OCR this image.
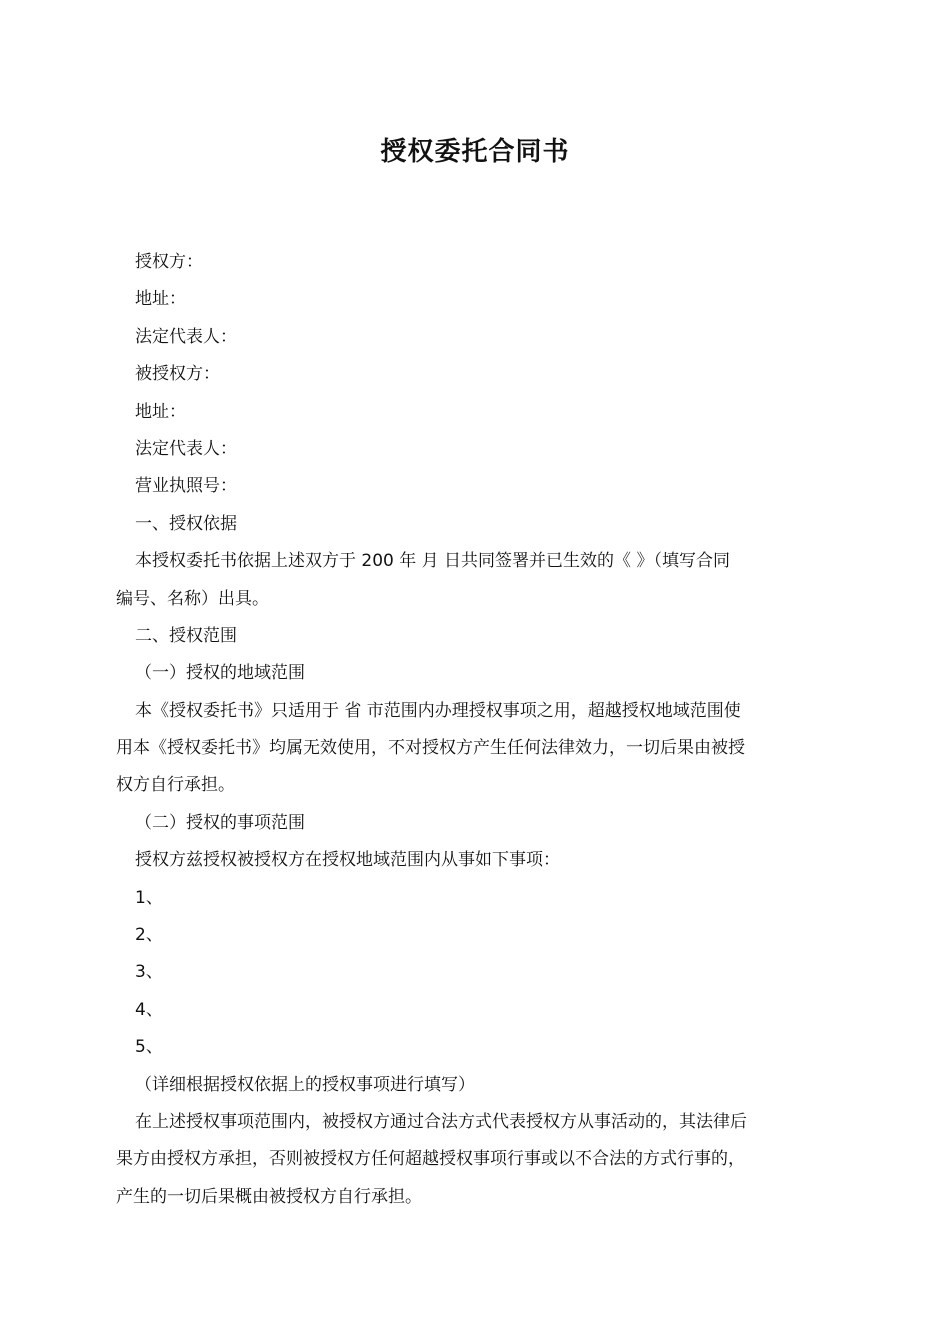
授权委托合同书
授权方：
地址：
法定代表人：
被授权方：
地址：
法定代表人：
营业执照号：
一、授权依据
本授权委托书依据上述双方于 200 年 月 日共同签署并已生效的《 》（填写合同
编号、名称）出具。
二、授权范围
（一）授权的地域范围
本《授权委托书》只适用于 省 市范围内办理授权事项之用，超越授权地域范围使
用本《授权委托书》均属无效使用，不对授权方产生任何法律效力，一切后果由被授
权方自行承担。
（二）授权的事项范围
授权方兹授权被授权方在授权地域范围内从事如下事项：
1、
2、
3、
4、
5、
（详细根据授权依据上的授权事项进行填写）
在上述授权事项范围内，被授权方通过合法方式代表授权方从事活动的，其法律后
果方由授权方承担，否则被授权方任何超越授权事项行事或以不合法的方式行事的，
产生的一切后果概由被授权方自行承担。
